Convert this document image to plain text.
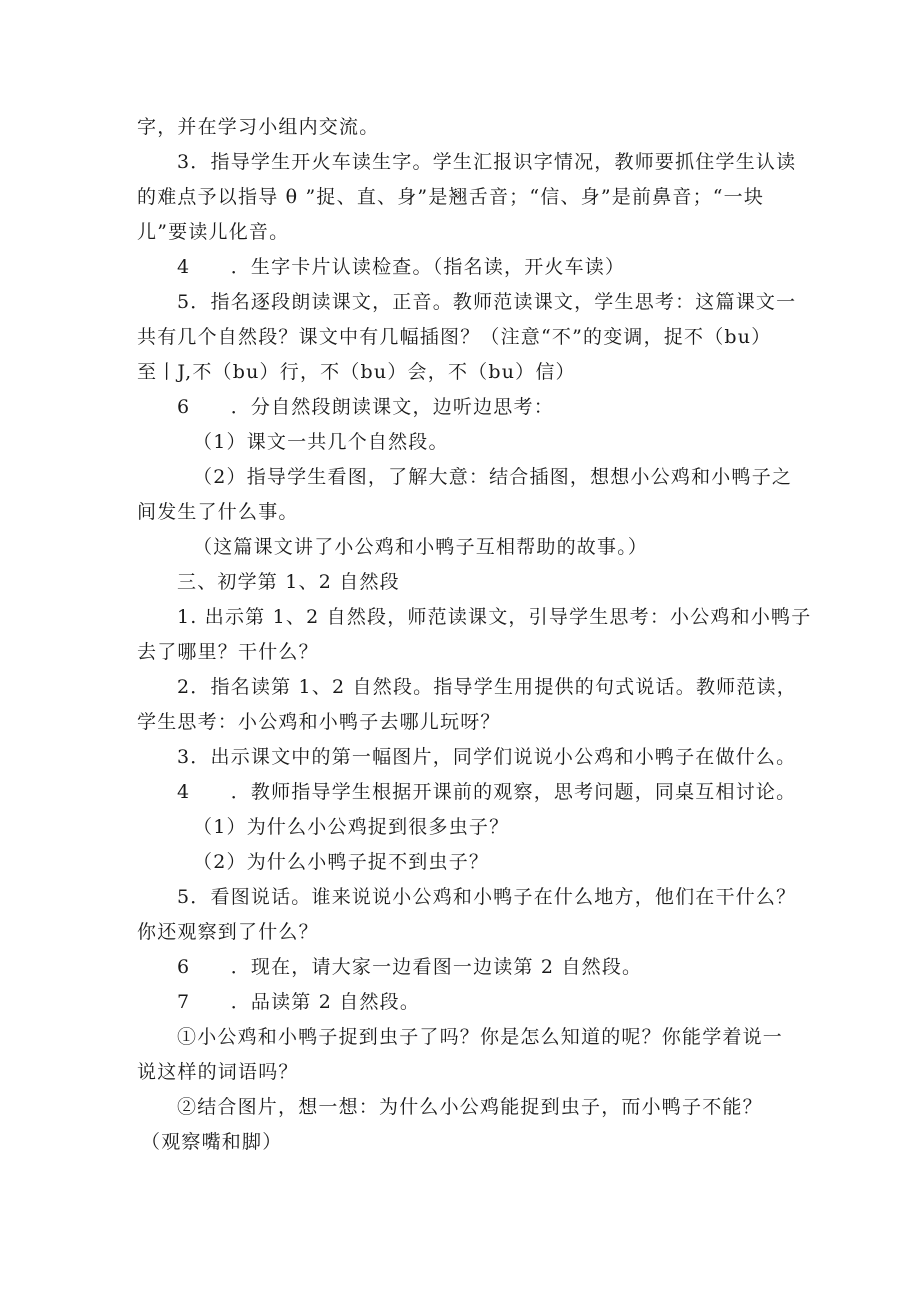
字，并在学习小组内交流。
3．指导学生开火车读生字。学生汇报识字情况，教师要抓住学生认读
的难点予以指导 θ ”捉、直、身”是翘舌音；“信、身”是前鼻音；“一块
儿”要读儿化音。
4　　．生字卡片认读检查。（指名读，开火车读）
5．指名逐段朗读课文，正音。教师范读课文，学生思考：这篇课文一
共有几个自然段？课文中有几幅插图？（注意“不”的变调，捉不（bu）
至丨J,不（bu）行，不（bu）会，不（bu）信）
6　　．分自然段朗读课文，边听边思考：
（1）课文一共几个自然段。
（2）指导学生看图，了解大意：结合插图，想想小公鸡和小鸭子之
间发生了什么事。
（这篇课文讲了小公鸡和小鸭子互相帮助的故事。）
三、初学第 1、2 自然段
1. 出示第 1、2 自然段，师范读课文，引导学生思考：小公鸡和小鸭子
去了哪里？干什么？
2．指名读第 1、2 自然段。指导学生用提供的句式说话。教师范读，
学生思考：小公鸡和小鸭子去哪儿玩呀？
3．出示课文中的第一幅图片，同学们说说小公鸡和小鸭子在做什么。
4　　．教师指导学生根据开课前的观察，思考问题，同桌互相讨论。
（1）为什么小公鸡捉到很多虫子？
（2）为什么小鸭子捉不到虫子？
5．看图说话。谁来说说小公鸡和小鸭子在什么地方，他们在干什么？
你还观察到了什么？
6　　．现在，请大家一边看图一边读第 2 自然段。
7　　．品读第 2 自然段。
①小公鸡和小鸭子捉到虫子了吗？你是怎么知道的呢？你能学着说一
说这样的词语吗？
②结合图片，想一想：为什么小公鸡能捉到虫子，而小鸭子不能？
（观察嘴和脚）
